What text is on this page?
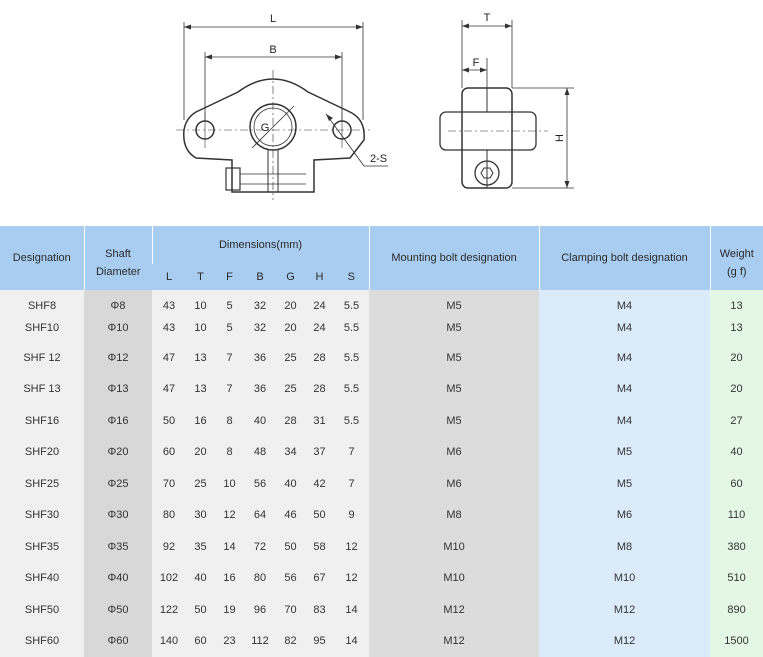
L
B
G
2-S
T
F
H
Designation	Shaft	Dimensions(mm)							Mounting bolt designation	Clamping bolt designation	Weight
	Diameter	L	T	F	B	G	H	S			(g f)
SHF8	Φ8	43	10	5	32	20	24	5.5	M5	M4	13
SHF10	Φ10	43	10	5	32	20	24	5.5	M5	M4	13
SHF 12	Φ12	47	13	7	36	25	28	5.5	M5	M4	20
SHF 13	Φ13	47	13	7	36	25	28	5.5	M5	M4	20
SHF16	Φ16	50	16	8	40	28	31	5.5	M5	M4	27
SHF20	Φ20	60	20	8	48	34	37	7	M6	M5	40
SHF25	Φ25	70	25	10	56	40	42	7	M6	M5	60
SHF30	Φ30	80	30	12	64	46	50	9	M8	M6	110
SHF35	Φ35	92	35	14	72	50	58	12	M10	M8	380
SHF40	Φ40	102	40	16	80	56	67	12	M10	M10	510
SHF50	Φ50	122	50	19	96	70	83	14	M12	M12	890
SHF60	Φ60	140	60	23	112	82	95	14	M12	M12	1500
